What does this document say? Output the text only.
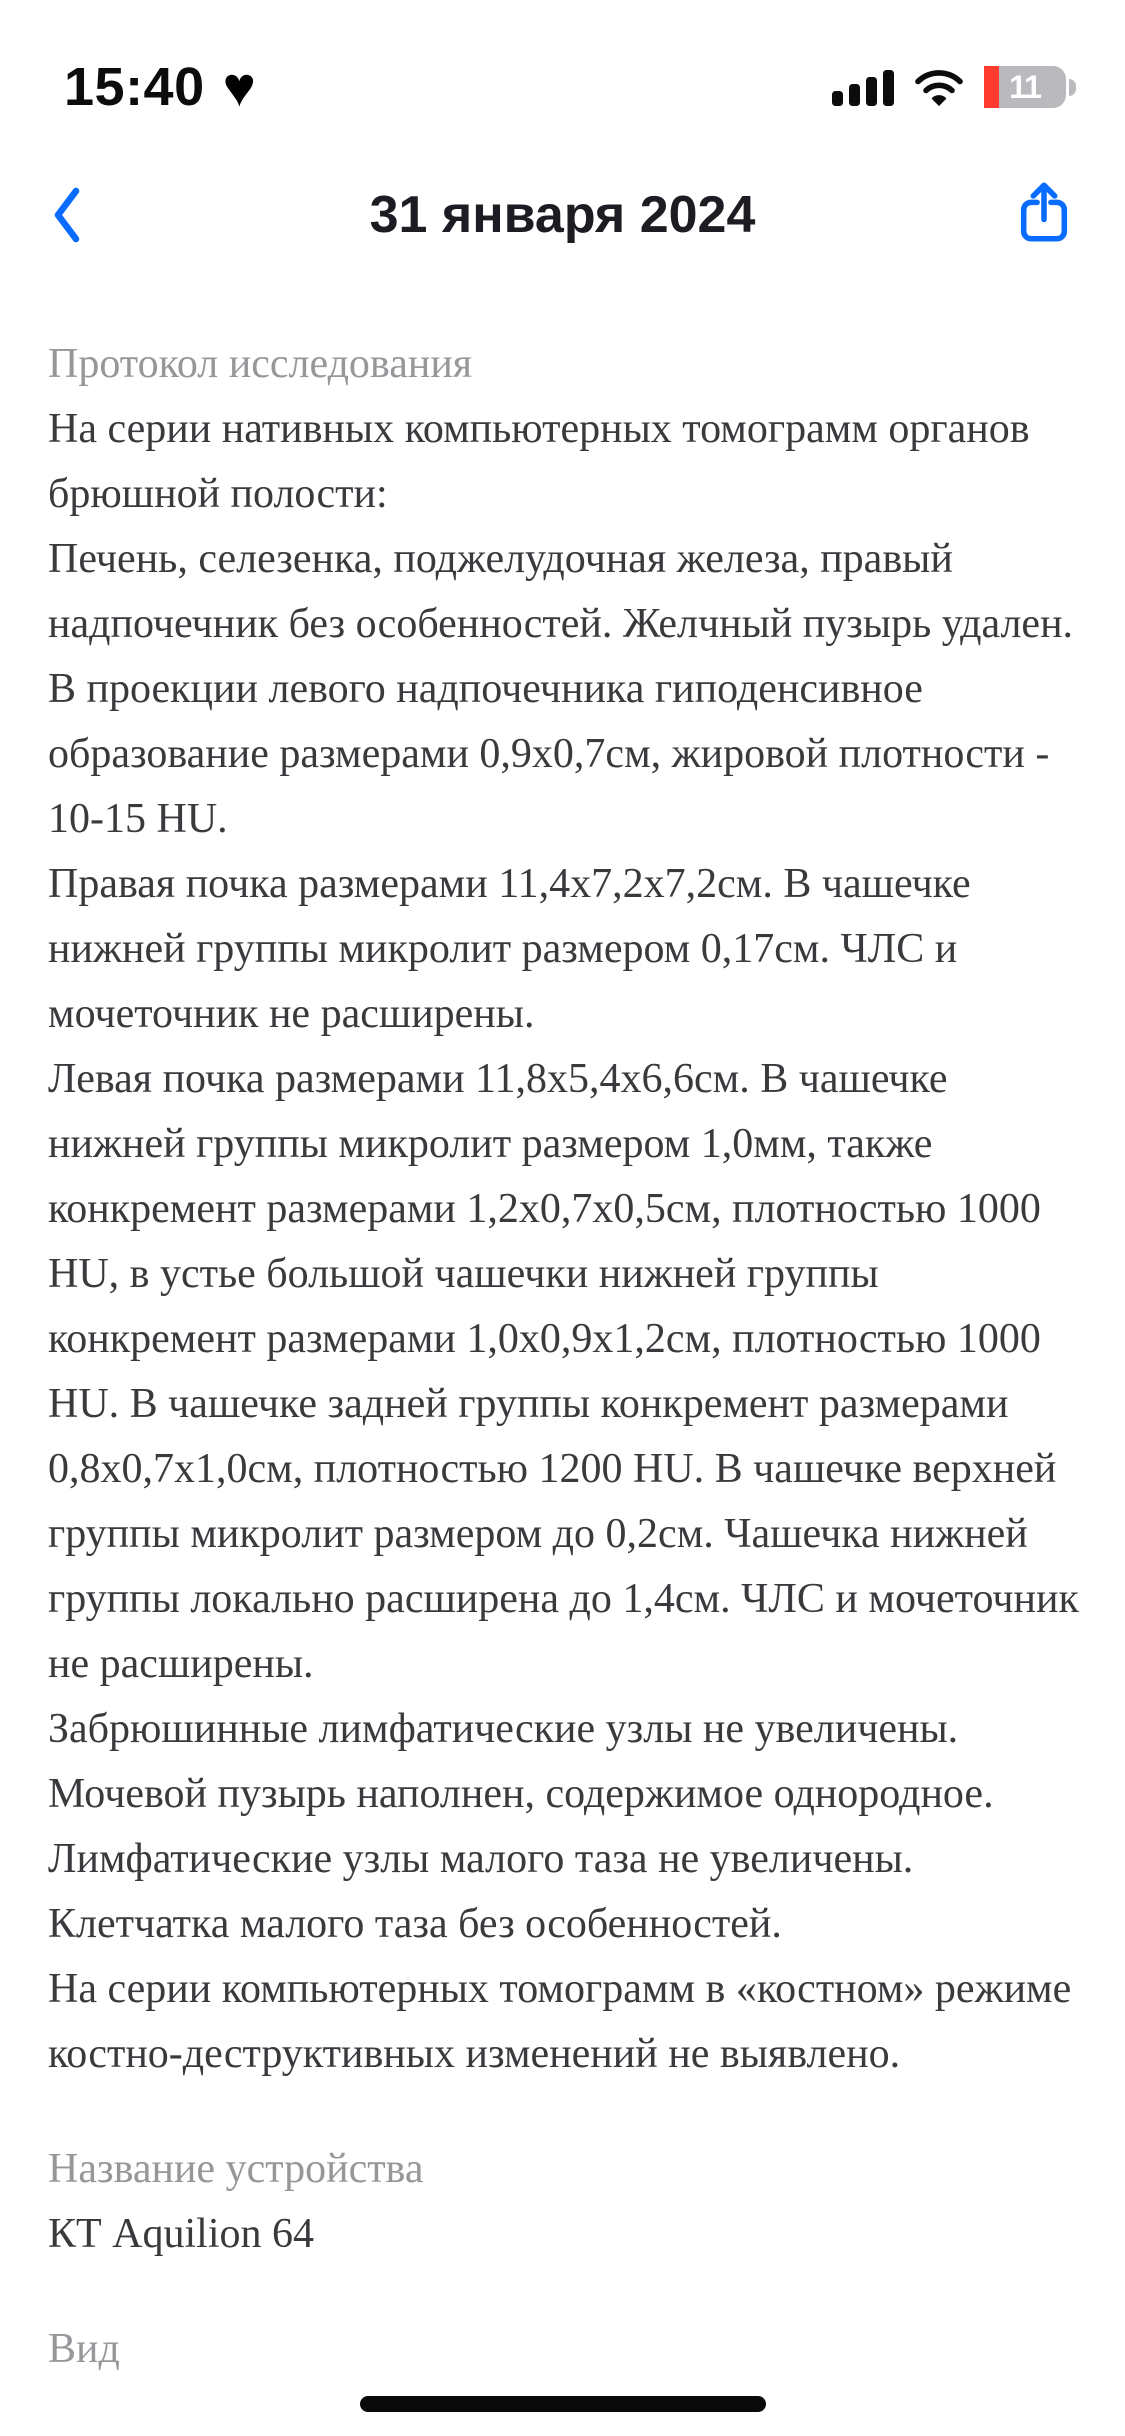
15:40 ♥	11
31 января 2024
Протокол исследования
На серии нативных компьютерных томограмм органов брюшной полости:
Печень, селезенка, поджелудочная железа, правый надпочечник без особенностей. Желчный пузырь удален. В проекции левого надпочечника гиподенсивное образование размерами 0,9х0,7см, жировой плотности - 10-15 HU.
Правая почка размерами 11,4х7,2х7,2см. В чашечке нижней группы микролит размером 0,17см. ЧЛС и мочеточник не расширены.
Левая почка размерами 11,8х5,4х6,6см. В чашечке нижней группы микролит размером 1,0мм, также конкремент размерами 1,2х0,7х0,5см, плотностью 1000 HU, в устье большой чашечки нижней группы конкремент размерами 1,0х0,9х1,2см, плотностью 1000 HU. В чашечке задней группы конкремент размерами 0,8х0,7х1,0см, плотностью 1200 HU. В чашечке верхней группы микролит размером до 0,2см. Чашечка нижней группы локально расширена до 1,4см. ЧЛС и мочеточник не расширены.
Забрюшинные лимфатические узлы не увеличены.
Мочевой пузырь наполнен, содержимое однородное.
Лимфатические узлы малого таза не увеличены. Клетчатка малого таза без особенностей.
На серии компьютерных томограмм в «костном» режиме костно-деструктивных изменений не выявлено.
Название устройства
КТ Aquilion 64
Вид
